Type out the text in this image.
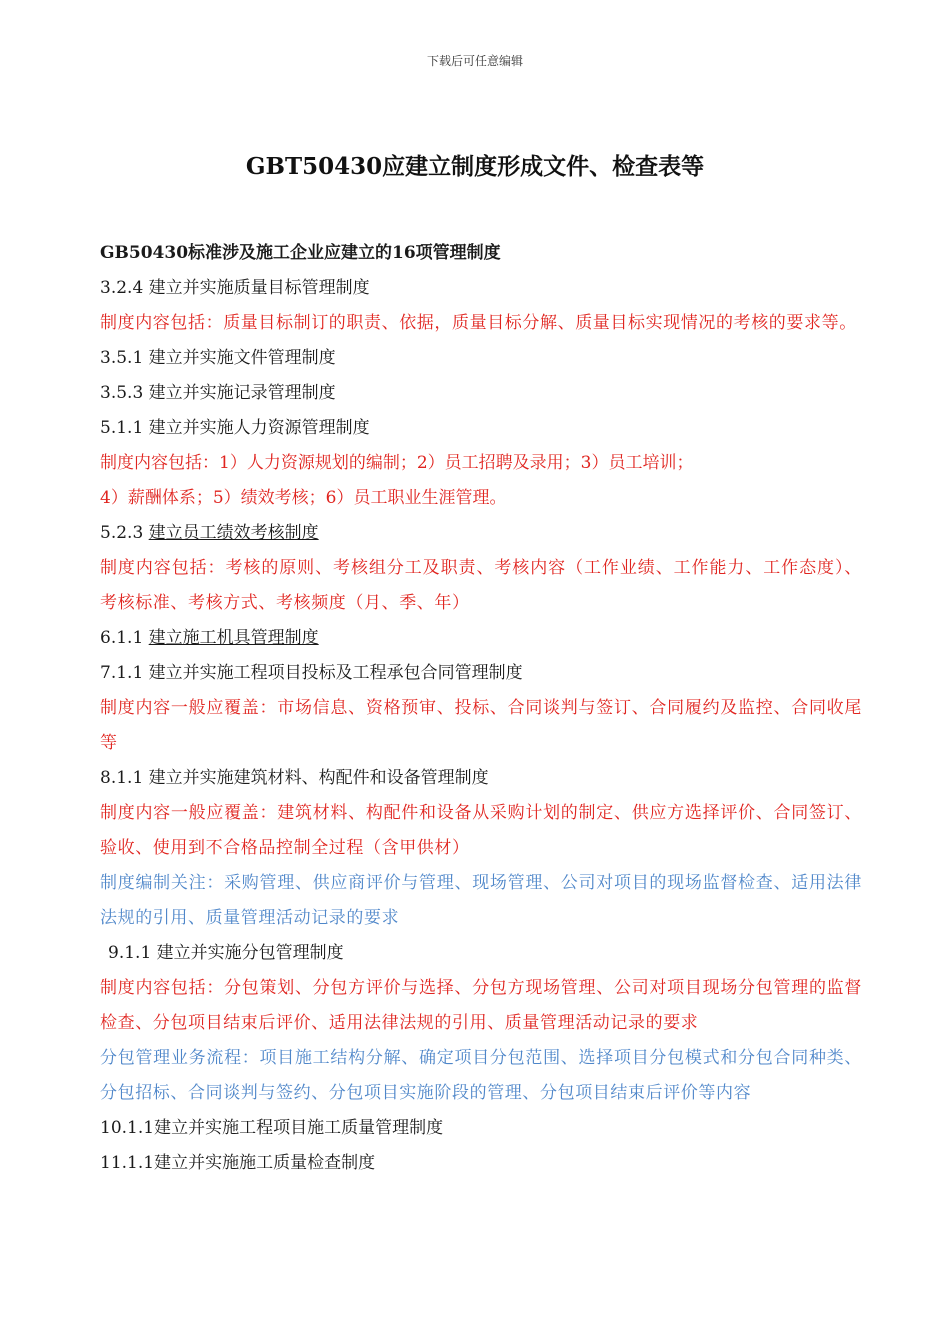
下载后可任意编辑
GBT50430应建立制度形成文件、检查表等
GB50430标准涉及施工企业应建立的16项管理制度
3.2.4 建立并实施质量目标管理制度
制度内容包括：质量目标制订的职责、依据，质量目标分解、质量目标实现情况的考核的要求等。
3.5.1 建立并实施文件管理制度
3.5.3 建立并实施记录管理制度
5.1.1 建立并实施人力资源管理制度
制度内容包括：1）人力资源规划的编制；2）员工招聘及录用；3）员工培训；
4）薪酬体系；5）绩效考核；6）员工职业生涯管理。
5.2.3 建立员工绩效考核制度
制度内容包括：考核的原则、考核组分工及职责、考核内容（工作业绩、工作能力、工作态度）、考核标准、考核方式、考核频度（月、季、年）
6.1.1 建立施工机具管理制度
7.1.1 建立并实施工程项目投标及工程承包合同管理制度
制度内容一般应覆盖：市场信息、资格预审、投标、合同谈判与签订、合同履约及监控、合同收尾等
8.1.1 建立并实施建筑材料、构配件和设备管理制度
制度内容一般应覆盖：建筑材料、构配件和设备从采购计划的制定、供应方选择评价、合同签订、验收、使用到不合格品控制全过程（含甲供材）
制度编制关注：采购管理、供应商评价与管理、现场管理、公司对项目的现场监督检查、适用法律法规的引用、质量管理活动记录的要求
9.1.1 建立并实施分包管理制度
制度内容包括：分包策划、分包方评价与选择、分包方现场管理、公司对项目现场分包管理的监督检查、分包项目结束后评价、适用法律法规的引用、质量管理活动记录的要求
分包管理业务流程：项目施工结构分解、确定项目分包范围、选择项目分包模式和分包合同种类、分包招标、合同谈判与签约、分包项目实施阶段的管理、分包项目结束后评价等内容
10.1.1建立并实施工程项目施工质量管理制度
11.1.1建立并实施施工质量检查制度
